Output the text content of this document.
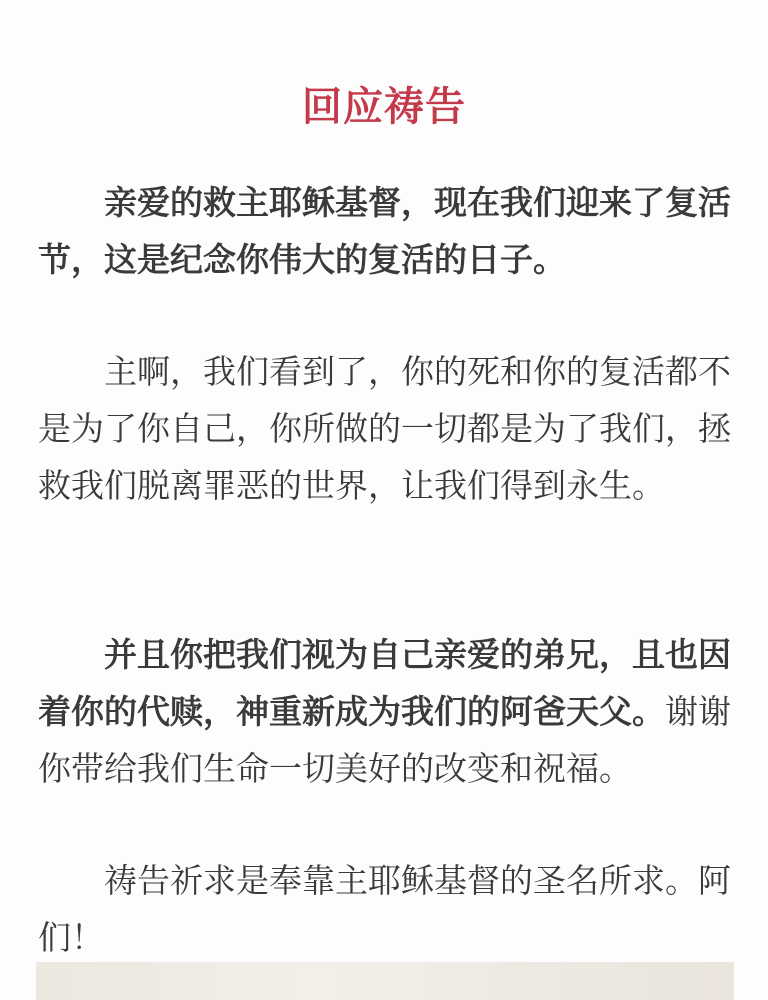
回应祷告

亲爱的救主耶稣基督，现在我们迎来了复活节，这是纪念你伟大的复活的日子。

主啊，我们看到了，你的死和你的复活都不是为了你自己，你所做的一切都是为了我们，拯救我们脱离罪恶的世界，让我们得到永生。

并且你把我们视为自己亲爱的弟兄，且也因着你的代赎，神重新成为我们的阿爸天父。谢谢你带给我们生命一切美好的改变和祝福。

祷告祈求是奉靠主耶稣基督的圣名所求。阿们！
